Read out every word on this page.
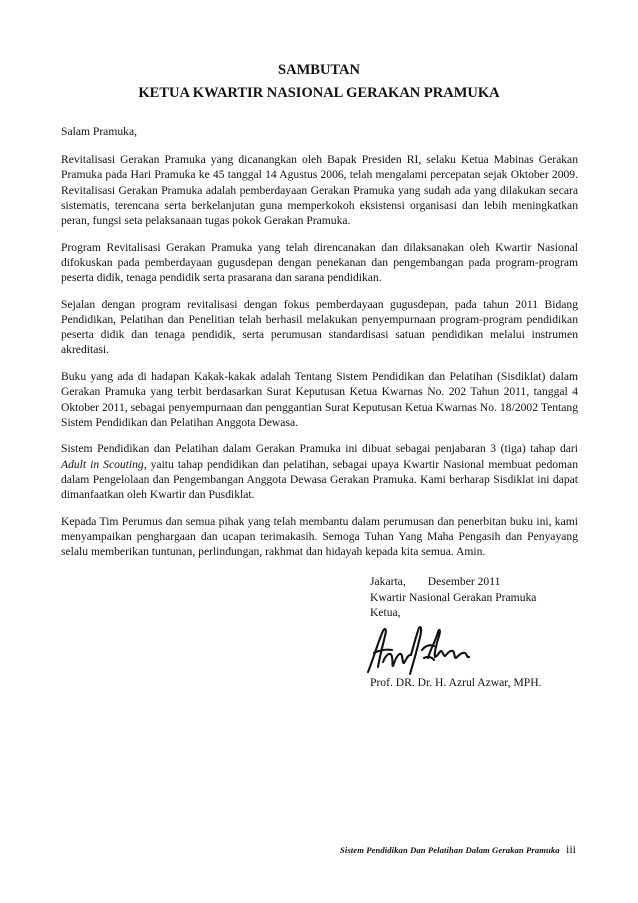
SAMBUTAN
KETUA KWARTIR NASIONAL GERAKAN PRAMUKA

Salam Pramuka,

Revitalisasi Gerakan Pramuka yang dicanangkan oleh Bapak Presiden RI, selaku Ketua Mabinas Gerakan Pramuka pada Hari Pramuka ke 45 tanggal 14 Agustus 2006, telah mengalami percepatan sejak Oktober 2009. Revitalisasi Gerakan Pramuka adalah pemberdayaan Gerakan Pramuka yang sudah ada yang dilakukan secara sistematis, terencana serta berkelanjutan guna memperkokoh eksistensi organisasi dan lebih meningkatkan peran, fungsi seta pelaksanaan tugas pokok Gerakan Pramuka.

Program Revitalisasi Gerakan Pramuka yang telah direncanakan dan dilaksanakan oleh Kwartir Nasional difokuskan pada pemberdayaan gugusdepan dengan penekanan dan pengembangan pada program-program peserta didik, tenaga pendidik serta prasarana dan sarana pendidikan.

Sejalan dengan program revitalisasi dengan fokus pemberdayaan gugusdepan, pada tahun 2011 Bidang Pendidikan, Pelatihan dan Penelitian telah berhasil melakukan penyempurnaan program-program pendidikan peserta didik dan tenaga pendidik, serta perumusan standardisasi satuan pendidikan melalui instrumen akreditasi.

Buku yang ada di hadapan Kakak-kakak adalah Tentang Sistem Pendidikan dan Pelatihan (Sisdiklat) dalam Gerakan Pramuka yang terbit berdasarkan Surat Keputusan Ketua Kwarnas No. 202 Tahun 2011, tanggal 4 Oktober 2011, sebagai penyempurnaan dan penggantian Surat Keputusan Ketua Kwarnas No. 18/2002 Tentang Sistem Pendidikan dan Pelatihan Anggota Dewasa.

Sistem Pendidikan dan Pelatihan dalam Gerakan Pramuka ini dibuat sebagai penjabaran 3 (tiga) tahap dari Adult in Scouting, yaitu tahap pendidikan dan pelatihan, sebagai upaya Kwartir Nasional membuat pedoman dalam Pengelolaan dan Pengembangan Anggota Dewasa Gerakan Pramuka. Kami berharap Sisdiklat ini dapat dimanfaatkan oleh Kwartir dan Pusdiklat.

Kepada Tim Perumus dan semua pihak yang telah membantu dalam perumusan dan penerbitan buku ini, kami menyampaikan penghargaan dan ucapan terimakasih. Semoga Tuhan Yang Maha Pengasih dan Penyayang selalu memberikan tuntunan, perlindungan, rakhmat dan hidayah kepada kita semua. Amin.

Jakarta, Desember 2011
Kwartir Nasional Gerakan Pramuka
Ketua,
Prof. DR. Dr. H. Azrul Azwar, MPH.
Sistem Pendidikan Dan Pelatihan Dalam Gerakan Pramuka iii
